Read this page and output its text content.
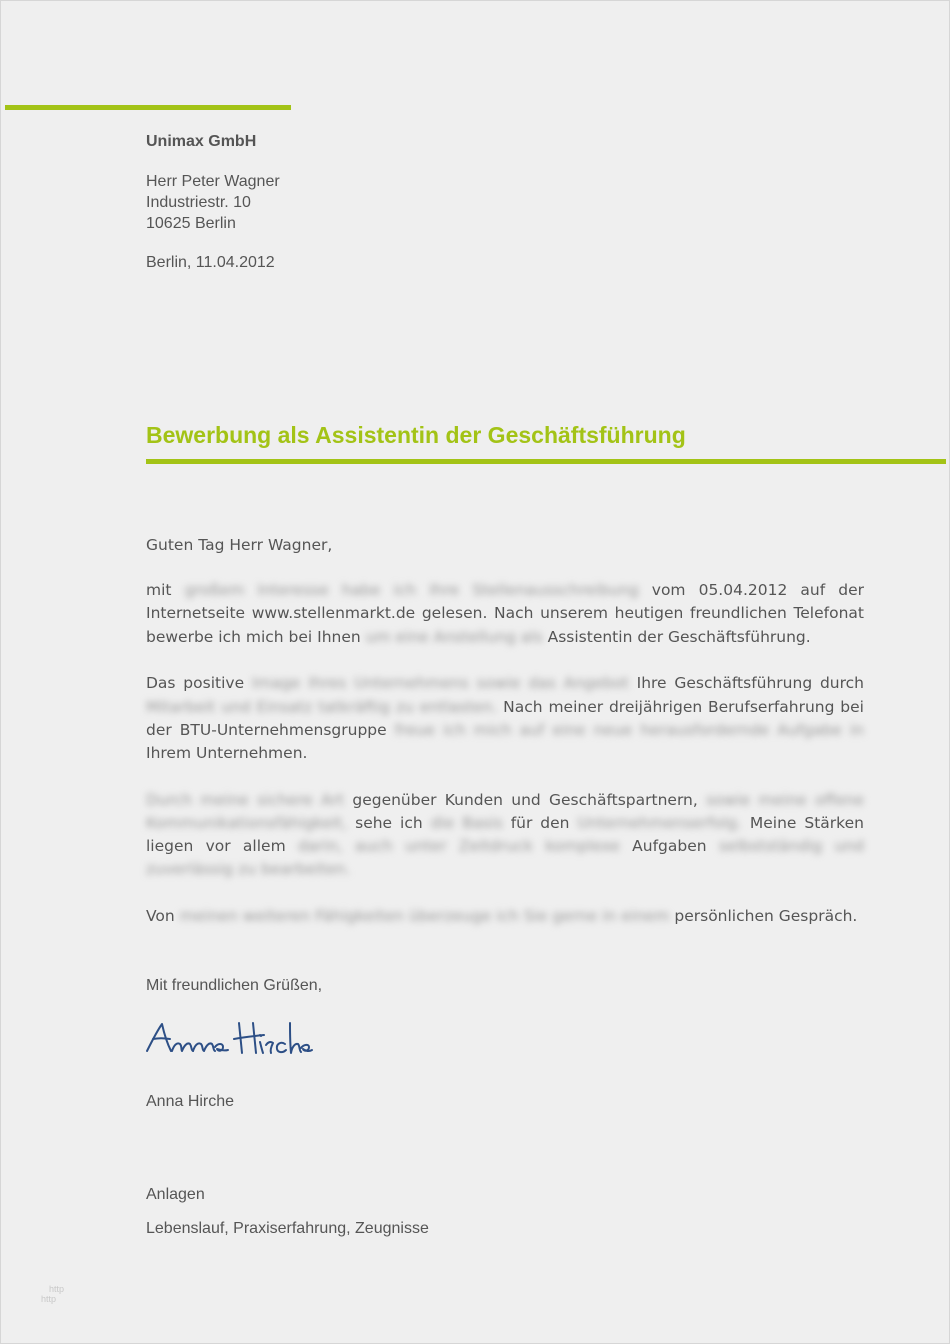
Unimax GmbH
Herr Peter Wagner
Industriestr. 10
10625 Berlin
Berlin, 11.04.2012
Bewerbung als Assistentin der Geschäftsführung

Guten Tag Herr Wagner,

mit großem Interesse habe ich Ihre Stellenausschreibung vom 05.04.2012 auf der Internetseite www.stellenmarkt.de gelesen. Nach unserem heutigen freundlichen Telefonat bewerbe ich mich bei Ihnen um eine Anstellung als Assistentin der Geschäftsführung.

Das positive Image Ihres Unternehmens sowie das Angebot Ihre Geschäftsführung durch Mitarbeit und Einsatz tatkräftig zu entlasten. Nach meiner dreijährigen Berufserfahrung bei der BTU-Unternehmensgruppe freue ich mich auf eine neue herausfordernde Aufgabe in Ihrem Unternehmen.

Durch meine sichere Art gegenüber Kunden und Geschäftspartnern, sowie meine offene Kommunikationsfähigkeit, sehe ich die Basis für den Unternehmenserfolg. Meine Stärken liegen vor allem darin, auch unter Zeitdruck komplexe Aufgaben selbstständig und zuverlässig zu bearbeiten.

Von meinen weiteren Fähigkeiten überzeuge ich Sie gerne in einem persönlichen Gespräch.

Mit freundlichen Grüßen,
Anna Hirche
Anna Hirche
Anlagen
Lebenslauf, Praxiserfahrung, Zeugnisse
http
http
